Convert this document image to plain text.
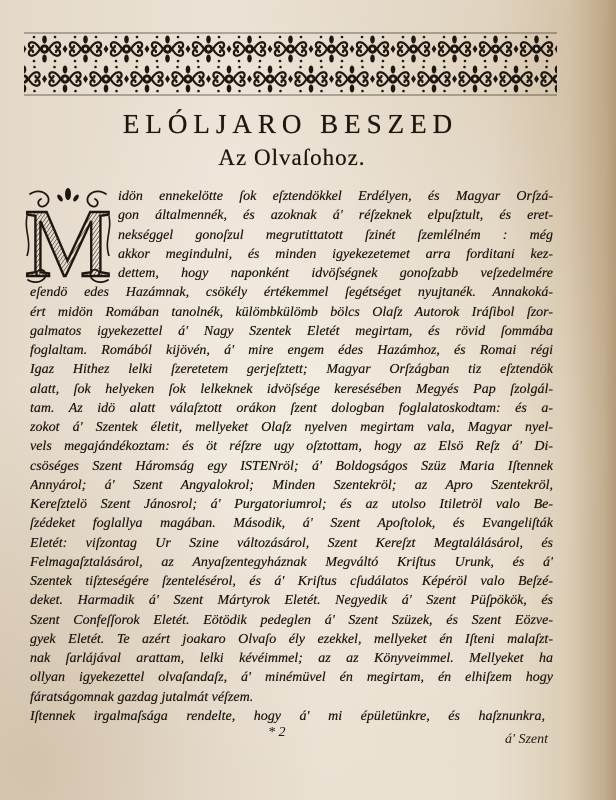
ELÓLJARO BESZED
Az Olvaſohoz.
M idön ennekelötte ſok eſztendökkel Erdélyen, és Magyar Orſzá-
gon általmennék, és azoknak á' réſzeknek elpuſztult, és eret-
nekséggel gonoſzul megrutittatott ſzinét ſzemlélném : még
akkor megindulni, és minden igyekezetemet arra forditani kez-
dettem, hogy naponként idvöſségnek gonoſzabb veſzedelmére
eſendö edes Hazámnak, csökély értékemmel ſegétséget nyujtanék. Annakoká-
ért midön Romában tanolnék, külömbkülömb bölcs Olaſz Autorok Iráſibol ſzor-
galmatos igyekezettel á' Nagy Szentek Eletét megirtam, és rövid ſommába
foglaltam. Romából kijövén, á' mire engem édes Hazámhoz, és Romai régi
Igaz Hithez lelki ſzeretetem gerjeſztett; Magyar Orſzágban tiz eſztendök
alatt, ſok helyeken ſok lelkeknek idvöſsége keresésében Megyés Pap ſzolgál-
tam. Az idö alatt válaſztott orákon ſzent dologban foglalatoskodtam: és a-
zokot á' Szentek életit, mellyeket Olaſz nyelven megirtam vala, Magyar nyel-
vels megajándékoztam: és öt réſzre ugy oſztottam, hogy az Elsö Reſz á' Di-
csöséges Szent Háromság egy ISTENröl; á' Boldogságos Szüz Maria Iſtennek
Annyárol; á' Szent Angyalokrol; Minden Szentekröl; az Apro Szentekröl,
Kereſztelö Szent Jánosrol; á' Purgatoriumrol; és az utolso Itiletröl valo Be-
ſzédeket foglallya magában. Második, á' Szent Apoſtolok, és Evangeliſták
Eletét: viſzontag Ur Szine változásárol, Szent Kereſzt Megtalálásárol, és
Felmagaſztalásárol, az Anyaſzentegyháznak Megváltó Kriſtus Urunk, és á'
Szentek tiſzteségére ſzentelésérol, és á' Kriſtus cſudálatos Képéröl valo Beſzé-
deket. Harmadik á' Szent Mártyrok Eletét. Negyedik á' Szent Püſpökök, és
Szent Confeſſorok Eletét. Eötödik pedeglen á' Szent Szüzek, és Szent Eözve-
gyek Eletét. Te azért joakaro Olvaſo ély ezekkel, mellyeket én Iſteni malaſzt-
nak ſarlájával arattam, lelki kévéimmel; az az Könyveimmel. Mellyeket ha
ollyan igyekezettel olvaſandaſz, á' minémüvel én megirtam, én elhiſzem hogy
fáratságomnak gazdag jutalmát véſzem.
Iſtennek irgalmaſsága rendelte, hogy á' mi épületünkre, és haſznunkra,
* 2	á' Szent
